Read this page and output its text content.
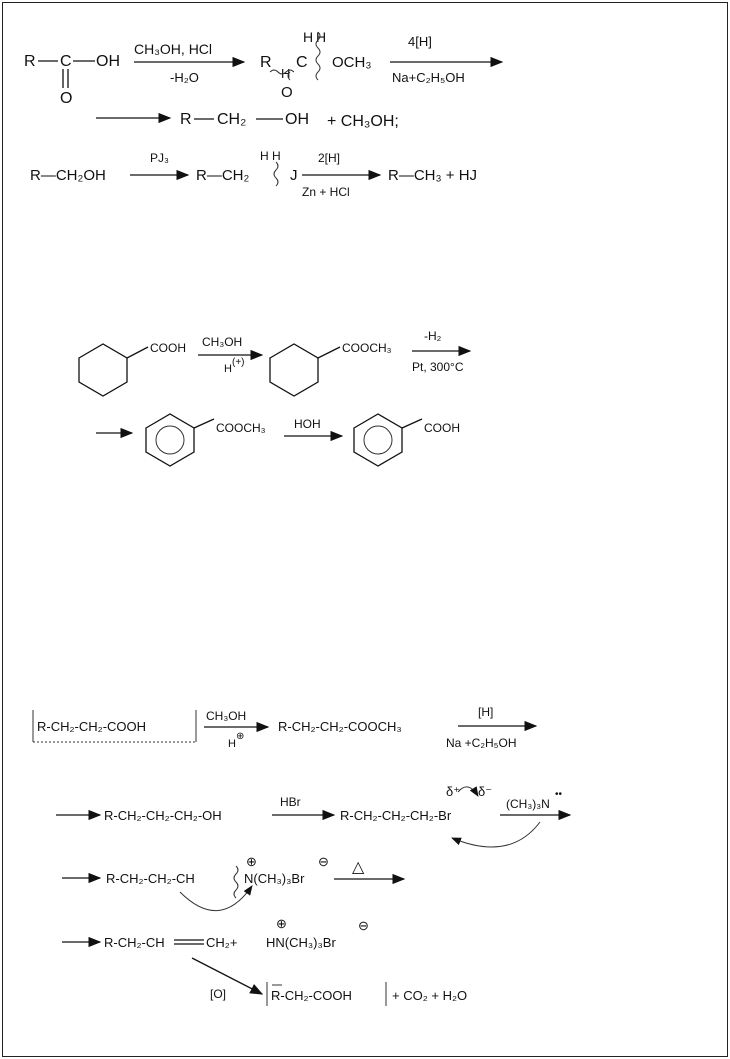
R C OH
O
CH₃OH, HCl
-H₂O
H H
R C OCH₃
H
O
4[H]
Na+C₂H₅OH
R CH₂ OH + CH₃OH;
R—CH₂OH
PJ₃
R—CH₂
H H
J
2[H]
Zn + HCl
R—CH₃ + HJ
COOH CH₃OH
H
(+)
COOCH₃
-H₂
Pt, 300°C
COOCH₃ HOH	COOH
R-CH₂-CH₂-COOH
CH₃OH
H
⊕
R-CH₂-CH₂-COOCH₃
[H]
Na +C₂H₅OH
R-CH₂-CH₂-CH₂-OH
HBr
R-CH₂-CH₂-CH₂-Br
δ⁺ δ⁻
(CH₃)₃N
••
R-CH₂-CH₂-CH	N(CH₃)₃Br
⊕	⊖ △
R-CH₂-CH	CH₂+ HN(CH₃)₃Br
⊕	⊖
[O]	R-CH₂-COOH	+ CO₂ + H₂O
